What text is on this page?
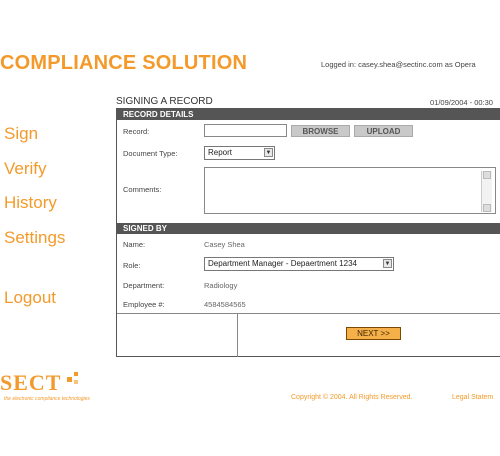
COMPLIANCE SOLUTION	Logged in: casey.shea@sectinc.com as Opera
Sign
Verify
History
Settings
Logout
SIGNING A RECORD	01/09/2004 - 00:30
RECORD DETAILS
Record:	BROWSE	UPLOAD
Document Type:	Report	▼
Comments:
SIGNED BY
Name:	Casey Shea
Role:	Department Manager - Depaertment 1234	▼
Department:	Radiology
Employee #:	4584584565
NEXT >>
SECT
the electronic compliance technologies	Copyright © 2004. All Rights Reserved.	Legal Statem
